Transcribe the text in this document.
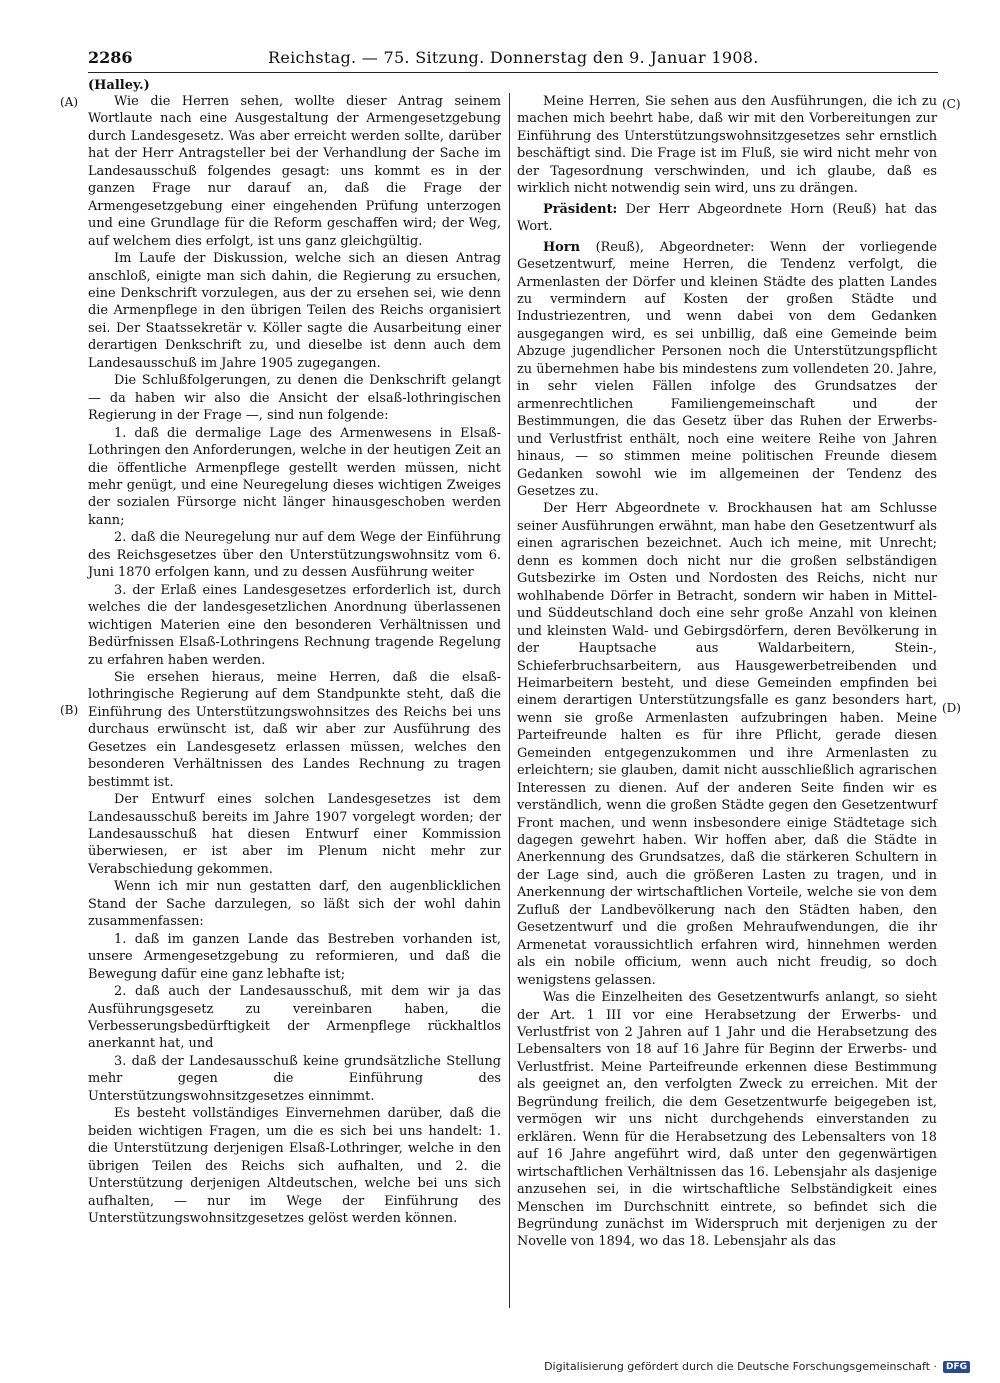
2286	Reichstag. — 75. Sitzung. Donnerstag den 9. Januar 1908.
(Halley.)
(A)
(B)
(C)
(D)

Wie die Herren sehen, wollte dieser Antrag seinem Wortlaute nach eine Ausgestaltung der Armengesetzgebung durch Landesgesetz. Was aber erreicht werden sollte, darüber hat der Herr Antragsteller bei der Verhandlung der Sache im Landesausschuß folgendes gesagt: uns kommt es in der ganzen Frage nur darauf an, daß die Frage der Armengesetzgebung einer eingehenden Prüfung unterzogen und eine Grundlage für die Reform geschaffen wird; der Weg, auf welchem dies erfolgt, ist uns ganz gleichgültig.

Im Laufe der Diskussion, welche sich an diesen Antrag anschloß, einigte man sich dahin, die Regierung zu ersuchen, eine Denkschrift vorzulegen, aus der zu ersehen sei, wie denn die Armenpflege in den übrigen Teilen des Reichs organisiert sei. Der Staatssekretär v. Köller sagte die Ausarbeitung einer derartigen Denkschrift zu, und dieselbe ist denn auch dem Landesausschuß im Jahre 1905 zugegangen.

Die Schlußfolgerungen, zu denen die Denkschrift gelangt — da haben wir also die Ansicht der elsaß-lothringischen Regierung in der Frage —, sind nun folgende:

1. daß die dermalige Lage des Armenwesens in Elsaß-Lothringen den Anforderungen, welche in der heutigen Zeit an die öffentliche Armenpflege gestellt werden müssen, nicht mehr genügt, und eine Neuregelung dieses wichtigen Zweiges der sozialen Fürsorge nicht länger hinausgeschoben werden kann;

2. daß die Neuregelung nur auf dem Wege der Einführung des Reichsgesetzes über den Unterstützungswohnsitz vom 6. Juni 1870 erfolgen kann, und zu dessen Ausführung weiter

3. der Erlaß eines Landesgesetzes erforderlich ist, durch welches die der landesgesetzlichen Anordnung überlassenen wichtigen Materien eine den besonderen Verhältnissen und Bedürfnissen Elsaß-Lothringens Rechnung tragende Regelung zu erfahren haben werden.

Sie ersehen hieraus, meine Herren, daß die elsaß-lothringische Regierung auf dem Standpunkte steht, daß die Einführung des Unterstützungswohnsitzes des Reichs bei uns durchaus erwünscht ist, daß wir aber zur Ausführung des Gesetzes ein Landesgesetz erlassen müssen, welches den besonderen Verhältnissen des Landes Rechnung zu tragen bestimmt ist.

Der Entwurf eines solchen Landesgesetzes ist dem Landesausschuß bereits im Jahre 1907 vorgelegt worden; der Landesausschuß hat diesen Entwurf einer Kommission überwiesen, er ist aber im Plenum nicht mehr zur Verabschiedung gekommen.

Wenn ich mir nun gestatten darf, den augenblicklichen Stand der Sache darzulegen, so läßt sich der wohl dahin zusammenfassen:

1. daß im ganzen Lande das Bestreben vorhanden ist, unsere Armengesetzgebung zu reformieren, und daß die Bewegung dafür eine ganz lebhafte ist;

2. daß auch der Landesausschuß, mit dem wir ja das Ausführungsgesetz zu vereinbaren haben, die Verbesserungsbedürftigkeit der Armenpflege rückhaltlos anerkannt hat, und

3. daß der Landesausschuß keine grundsätzliche Stellung mehr gegen die Einführung des Unterstützungswohnsitzgesetzes einnimmt.

Es besteht vollständiges Einvernehmen darüber, daß die beiden wichtigen Fragen, um die es sich bei uns handelt: 1. die Unterstützung derjenigen Elsaß-Lothringer, welche in den übrigen Teilen des Reichs sich aufhalten, und 2. die Unterstützung derjenigen Altdeutschen, welche bei uns sich aufhalten, — nur im Wege der Einführung des Unterstützungswohnsitzgesetzes gelöst werden können.

Meine Herren, Sie sehen aus den Ausführungen, die ich zu machen mich beehrt habe, daß wir mit den Vorbereitungen zur Einführung des Unterstützungswohnsitzgesetzes sehr ernstlich beschäftigt sind. Die Frage ist im Fluß, sie wird nicht mehr von der Tagesordnung verschwinden, und ich glaube, daß es wirklich nicht notwendig sein wird, uns zu drängen.

Präsident: Der Herr Abgeordnete Horn (Reuß) hat das Wort.

Horn (Reuß), Abgeordneter: Wenn der vorliegende Gesetzentwurf, meine Herren, die Tendenz verfolgt, die Armenlasten der Dörfer und kleinen Städte des platten Landes zu vermindern auf Kosten der großen Städte und Industriezentren, und wenn dabei von dem Gedanken ausgegangen wird, es sei unbillig, daß eine Gemeinde beim Abzuge jugendlicher Personen noch die Unterstützungspflicht zu übernehmen habe bis mindestens zum vollendeten 20. Jahre, in sehr vielen Fällen infolge des Grundsatzes der armenrechtlichen Familiengemeinschaft und der Bestimmungen, die das Gesetz über das Ruhen der Erwerbs- und Verlustfrist enthält, noch eine weitere Reihe von Jahren hinaus, — so stimmen meine politischen Freunde diesem Gedanken sowohl wie im allgemeinen der Tendenz des Gesetzes zu.

Der Herr Abgeordnete v. Brockhausen hat am Schlusse seiner Ausführungen erwähnt, man habe den Gesetzentwurf als einen agrarischen bezeichnet. Auch ich meine, mit Unrecht; denn es kommen doch nicht nur die großen selbständigen Gutsbezirke im Osten und Nordosten des Reichs, nicht nur wohlhabende Dörfer in Betracht, sondern wir haben in Mittel- und Süddeutschland doch eine sehr große Anzahl von kleinen und kleinsten Wald- und Gebirgsdörfern, deren Bevölkerung in der Hauptsache aus Waldarbeitern, Stein-, Schieferbruchsarbeitern, aus Hausgewerbetreibenden und Heimarbeitern besteht, und diese Gemeinden empfinden bei einem derartigen Unterstützungsfalle es ganz besonders hart, wenn sie große Armenlasten aufzubringen haben. Meine Parteifreunde halten es für ihre Pflicht, gerade diesen Gemeinden entgegenzukommen und ihre Armenlasten zu erleichtern; sie glauben, damit nicht ausschließlich agrarischen Interessen zu dienen. Auf der anderen Seite finden wir es verständlich, wenn die großen Städte gegen den Gesetzentwurf Front machen, und wenn insbesondere einige Städtetage sich dagegen gewehrt haben. Wir hoffen aber, daß die Städte in Anerkennung des Grundsatzes, daß die stärkeren Schultern in der Lage sind, auch die größeren Lasten zu tragen, und in Anerkennung der wirtschaftlichen Vorteile, welche sie von dem Zufluß der Landbevölkerung nach den Städten haben, den Gesetzentwurf und die großen Mehraufwendungen, die ihr Armenetat voraussichtlich erfahren wird, hinnehmen werden als ein nobile officium, wenn auch nicht freudig, so doch wenigstens gelassen.

Was die Einzelheiten des Gesetzentwurfs anlangt, so sieht der Art. 1 III vor eine Herabsetzung der Erwerbs- und Verlustfrist von 2 Jahren auf 1 Jahr und die Herabsetzung des Lebensalters von 18 auf 16 Jahre für Beginn der Erwerbs- und Verlustfrist. Meine Parteifreunde erkennen diese Bestimmung als geeignet an, den verfolgten Zweck zu erreichen. Mit der Begründung freilich, die dem Gesetzentwurfe beigegeben ist, vermögen wir uns nicht durchgehends einverstanden zu erklären. Wenn für die Herabsetzung des Lebensalters von 18 auf 16 Jahre angeführt wird, daß unter den gegenwärtigen wirtschaftlichen Verhältnissen das 16. Lebensjahr als dasjenige anzusehen sei, in die wirtschaftliche Selbständigkeit eines Menschen im Durchschnitt eintrete, so befindet sich die Begründung zunächst im Widerspruch mit derjenigen zu der Novelle von 1894, wo das 18. Lebensjahr als das

Digitalisierung gefördert durch die Deutsche Forschungsgemeinschaft ·	DFG
